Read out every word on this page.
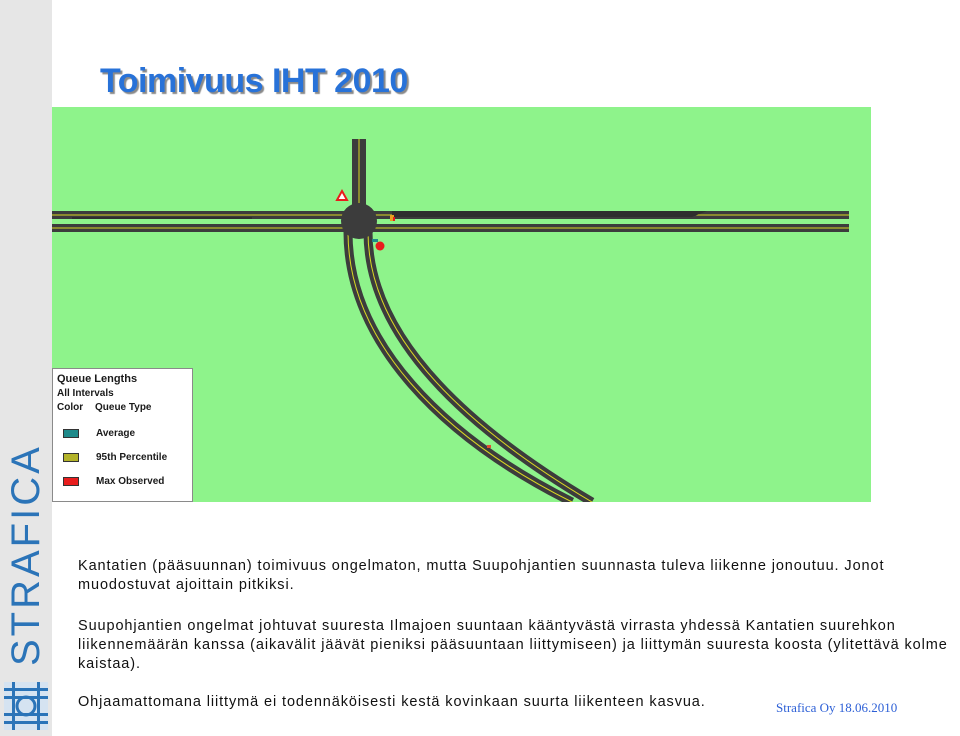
STRAFICA
Toimivuus IHT 2010
Queue Lengths
All Intervals
Color Queue Type
Average
95th Percentile
Max Observed

Kantatien (pääsuunnan) toimivuus ongelmaton, mutta Suupohjantien suunnasta tuleva liikenne jonoutuu. Jonot muodostuvat ajoittain pitkiksi.

Suupohjantien ongelmat johtuvat suuresta Ilmajoen suuntaan kääntyvästä virrasta yhdessä Kantatien suurehkon liikennemäärän kanssa (aikavälit jäävät pieniksi pääsuuntaan liittymiseen) ja liittymän suuresta koosta (ylitettävä kolme kaistaa).

Ohjaamattomana liittymä ei todennäköisesti kestä kovinkaan suurta liikenteen kasvua.	Strafica Oy 18.06.2010
